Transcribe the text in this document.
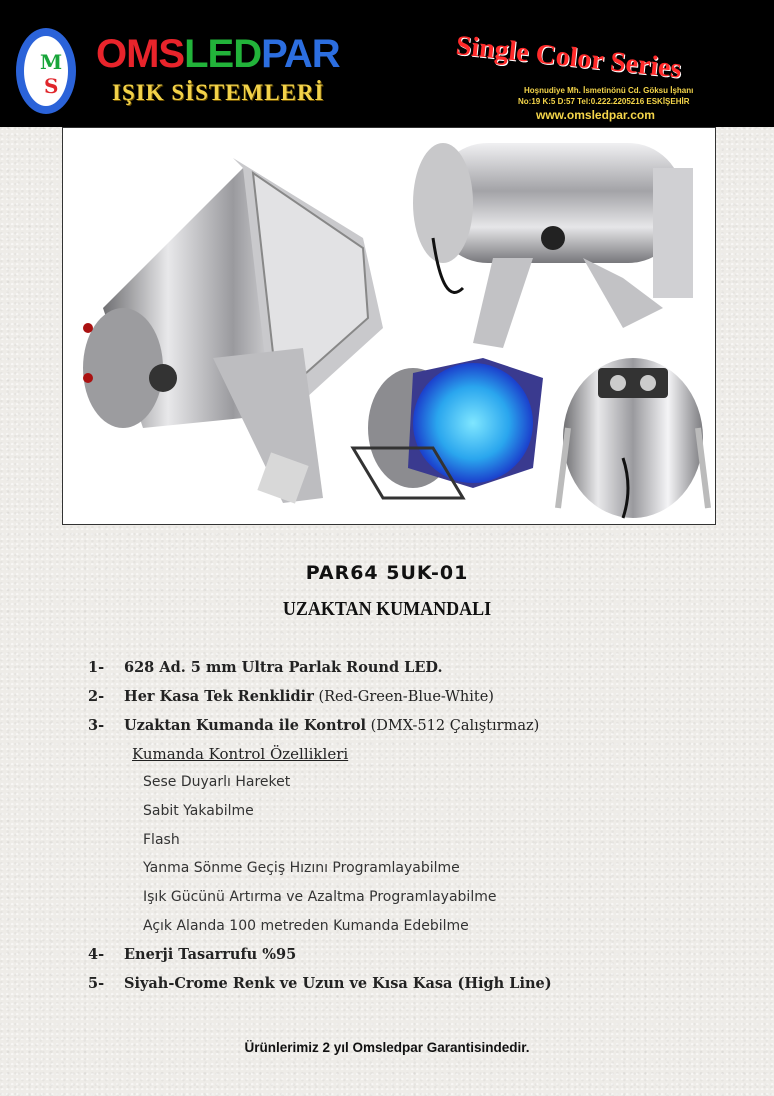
M
S
OMSLEDPAR
IŞIK SİSTEMLERİ
Single Color Series
Hoşnudiye Mh. İsmetinönü Cd. Göksu İşhanı
No:19 K:5 D:57 Tel:0.222.2205216 ESKİŞEHİR
www.omsledpar.com
PAR64 5UK-01
UZAKTAN KUMANDALI
1- 628 Ad. 5 mm Ultra Parlak Round LED.
2- Her Kasa Tek Renklidir (Red-Green-Blue-White)
3- Uzaktan Kumanda ile Kontrol (DMX-512 Çalıştırmaz)
Kumanda Kontrol Özellikleri
Sese Duyarlı Hareket
Sabit Yakabilme
Flash
Yanma Sönme Geçiş Hızını Programlayabilme
Işık Gücünü Artırma ve Azaltma Programlayabilme
Açık Alanda 100 metreden Kumanda Edebilme
4- Enerji Tasarrufu %95
5- Siyah-Crome Renk ve Uzun ve Kısa Kasa (High Line)
Ürünlerimiz 2 yıl Omsledpar Garantisindedir.
